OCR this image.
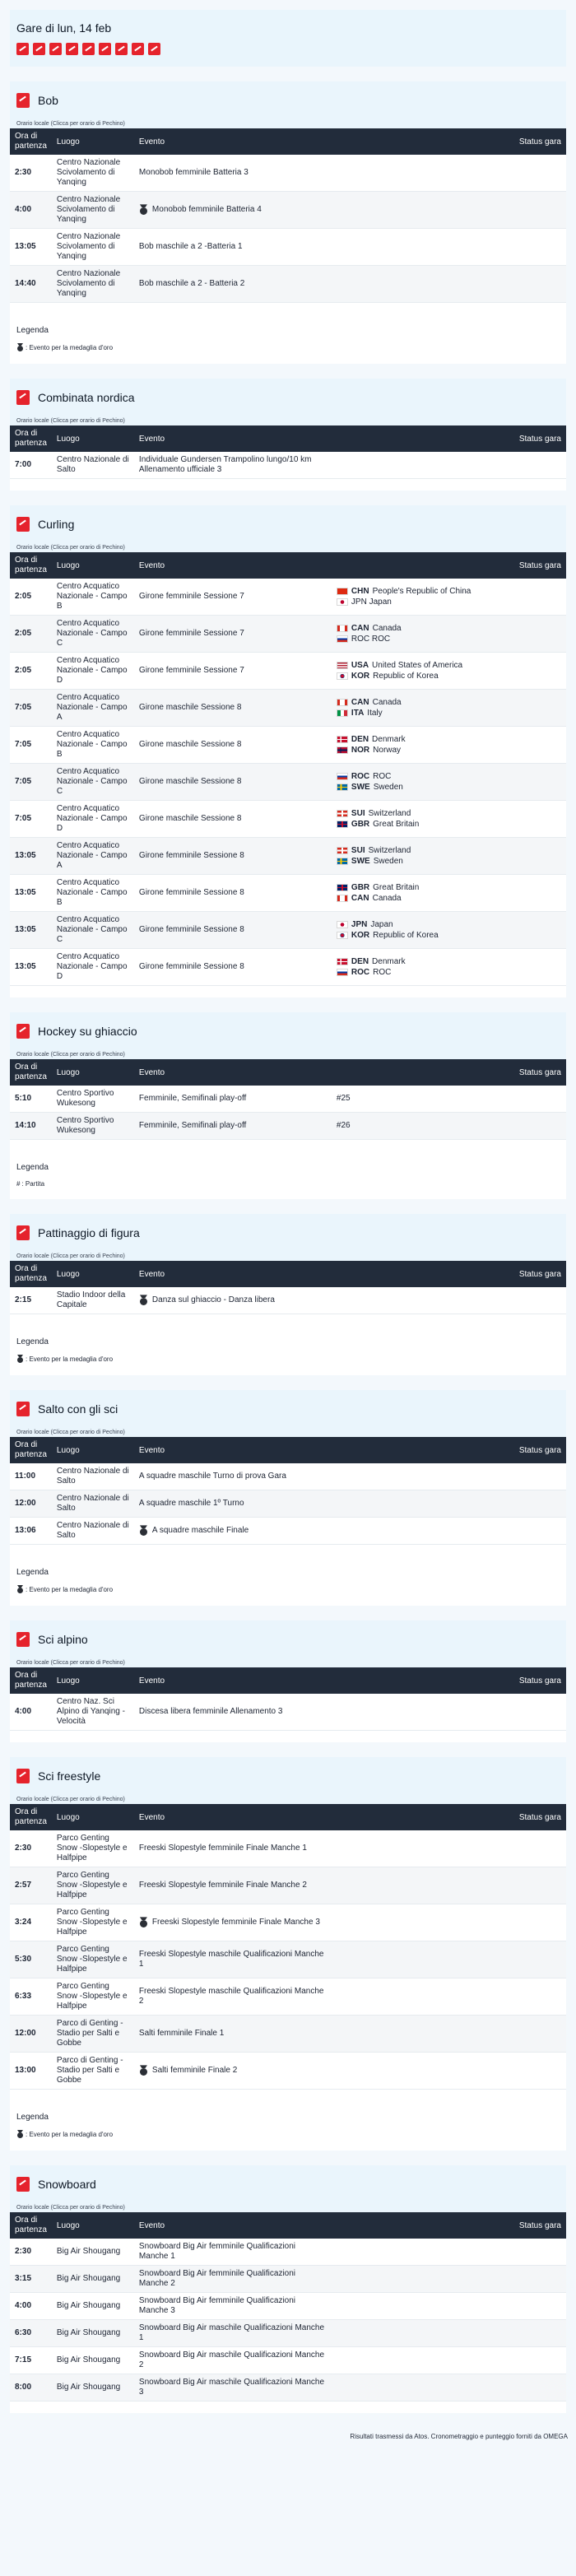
Gare di lun, 14 feb
Bob
Orario locale (Clicca per orario di Pechino)
Ora di partenza	Luogo	Evento		Status gara
2:30	Centro Nazionale Scivolamento di Yanqing	Monobob femminile Batteria 3		
4:00	Centro Nazionale Scivolamento di Yanqing	Monobob femminile Batteria 4		
13:05	Centro Nazionale Scivolamento di Yanqing	Bob maschile a 2 -Batteria 1		
14:40	Centro Nazionale Scivolamento di Yanqing	Bob maschile a 2 - Batteria 2		
Legenda

: Evento per la medaglia d'oro

Combinata nordica
Orario locale (Clicca per orario di Pechino)
Ora di partenza	Luogo	Evento		Status gara
7:00	Centro Nazionale di Salto	Individuale Gundersen Trampolino lungo/10 km Allenamento ufficiale 3		
Curling
Orario locale (Clicca per orario di Pechino)
Ora di partenza	Luogo	Evento		Status gara
2:05	Centro Acquatico Nazionale - Campo B	Girone femminile Sessione 7	CHN People's Republic of China
JPN Japan	

2:05	Centro Acquatico Nazionale - Campo C	Girone femminile Sessione 7	CAN Canada
ROC ROC	

2:05	Centro Acquatico Nazionale - Campo D	Girone femminile Sessione 7	USA United States of America
KOR Republic of Korea	

7:05	Centro Acquatico Nazionale - Campo A	Girone maschile Sessione 8	CAN Canada
ITA Italy	

7:05	Centro Acquatico Nazionale - Campo B	Girone maschile Sessione 8	DEN Denmark
NOR Norway	

7:05	Centro Acquatico Nazionale - Campo C	Girone maschile Sessione 8	ROC ROC
SWE Sweden	

7:05	Centro Acquatico Nazionale - Campo D	Girone maschile Sessione 8	SUI Switzerland
GBR Great Britain	

13:05	Centro Acquatico Nazionale - Campo A	Girone femminile Sessione 8	SUI Switzerland
SWE Sweden	

13:05	Centro Acquatico Nazionale - Campo B	Girone femminile Sessione 8	GBR Great Britain
CAN Canada	

13:05	Centro Acquatico Nazionale - Campo C	Girone femminile Sessione 8	JPN Japan
KOR Republic of Korea	

13:05	Centro Acquatico Nazionale - Campo D	Girone femminile Sessione 8	DEN Denmark
ROC ROC	

Hockey su ghiaccio
Orario locale (Clicca per orario di Pechino)
Ora di partenza	Luogo	Evento		Status gara
5:10	Centro Sportivo Wukesong	Femminile, Semifinali play-off	#25	
14:10	Centro Sportivo Wukesong	Femminile, Semifinali play-off	#26	
Legenda

# : Partita

Pattinaggio di figura
Orario locale (Clicca per orario di Pechino)
Ora di partenza	Luogo	Evento		Status gara
2:15	Stadio Indoor della Capitale	Danza sul ghiaccio - Danza libera		
Legenda

: Evento per la medaglia d'oro

Salto con gli sci
Orario locale (Clicca per orario di Pechino)
Ora di partenza	Luogo	Evento		Status gara
11:00	Centro Nazionale di Salto	A squadre maschile Turno di prova Gara		
12:00	Centro Nazionale di Salto	A squadre maschile 1º Turno		
13:06	Centro Nazionale di Salto	A squadre maschile Finale		
Legenda

: Evento per la medaglia d'oro

Sci alpino
Orario locale (Clicca per orario di Pechino)
Ora di partenza	Luogo	Evento		Status gara
4:00	Centro Naz. Sci Alpino di Yanqing - Velocità	Discesa libera femminile Allenamento 3		
Sci freestyle
Orario locale (Clicca per orario di Pechino)
Ora di partenza	Luogo	Evento		Status gara
2:30	Parco Genting Snow -Slopestyle e Halfpipe	Freeski Slopestyle femminile Finale Manche 1		
2:57	Parco Genting Snow -Slopestyle e Halfpipe	Freeski Slopestyle femminile Finale Manche 2		
3:24	Parco Genting Snow -Slopestyle e Halfpipe	Freeski Slopestyle femminile Finale Manche 3		
5:30	Parco Genting Snow -Slopestyle e Halfpipe	Freeski Slopestyle maschile Qualificazioni Manche 1		
6:33	Parco Genting Snow -Slopestyle e Halfpipe	Freeski Slopestyle maschile Qualificazioni Manche 2		
12:00	Parco di Genting -Stadio per Salti e Gobbe	Salti femminile Finale 1		
13:00	Parco di Genting -Stadio per Salti e Gobbe	Salti femminile Finale 2		
Legenda

: Evento per la medaglia d'oro

Snowboard
Orario locale (Clicca per orario di Pechino)
Ora di partenza	Luogo	Evento		Status gara
2:30	Big Air Shougang	Snowboard Big Air femminile Qualificazioni Manche 1		
3:15	Big Air Shougang	Snowboard Big Air femminile Qualificazioni Manche 2		
4:00	Big Air Shougang	Snowboard Big Air femminile Qualificazioni Manche 3		
6:30	Big Air Shougang	Snowboard Big Air maschile Qualificazioni Manche 1		
7:15	Big Air Shougang	Snowboard Big Air maschile Qualificazioni Manche 2		
8:00	Big Air Shougang	Snowboard Big Air maschile Qualificazioni Manche 3		
Risultati trasmessi da Atos. Cronometraggio e punteggio forniti da OMEGA
